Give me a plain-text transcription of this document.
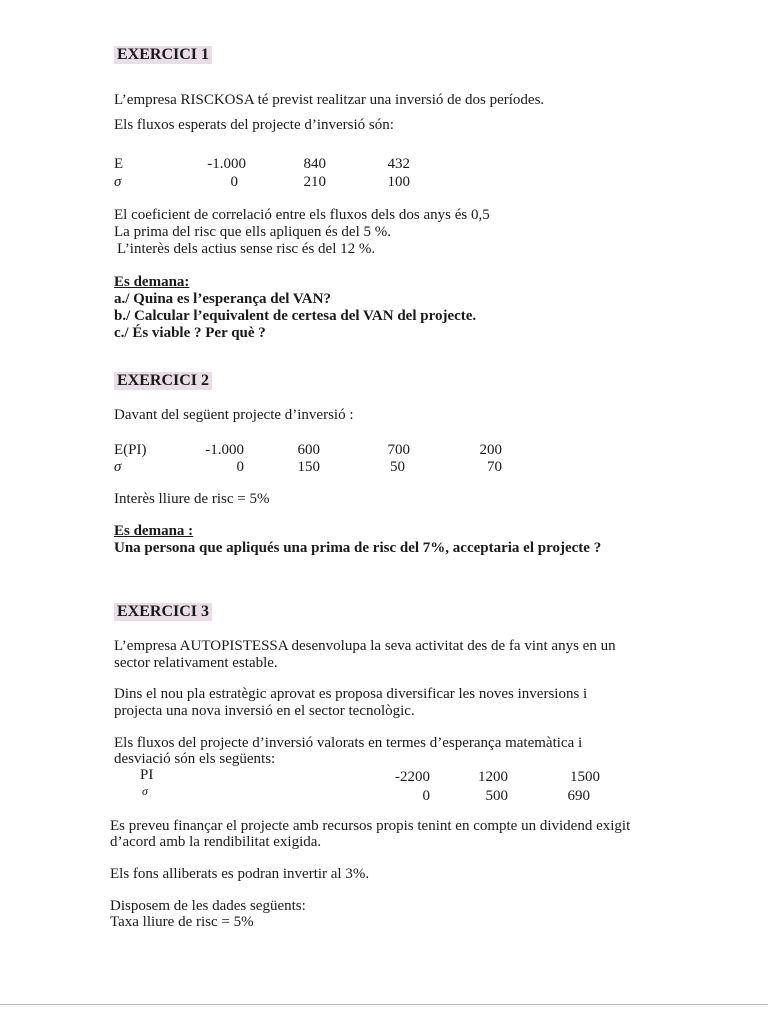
EXERCICI 1
L’empresa RISCKOSA té previst realitzar una inversió de dos períodes.
Els fluxos esperats del projecte d’inversió són:
E	-1.000	840	432
σ	0	210	100
El coeficient de correlació entre els fluxos dels dos anys és 0,5
La prima del risc que ells apliquen és del 5 %.
L’interès dels actius sense risc és del 12 %.
Es demana:
a./ Quina es l’esperança del VAN?
b./ Calcular l’equivalent de certesa del VAN del projecte.
c./ És viable ? Per què ?
EXERCICI 2
Davant del següent projecte d’inversió :
E(PI)	-1.000	600	700	200
σ	0	150	50	70
Interès lliure de risc = 5%
Es demana :
Una persona que apliqués una prima de risc del 7%, acceptaria el projecte ?
EXERCICI 3
L’empresa AUTOPISTESSA desenvolupa la seva activitat des de fa vint anys en un
sector relativament estable.
Dins el nou pla estratègic aprovat es proposa diversificar les noves inversions i
projecta una nova inversió en el sector tecnològic.
Els fluxos del projecte d’inversió valorats en termes d’esperança matemàtica i
desviació són els següents:
PI	-2200	1200	1500
σ	0	500	690
Es preveu finançar el projecte amb recursos propis tenint en compte un dividend exigit
d’acord amb la rendibilitat exigida.
Els fons alliberats es podran invertir al 3%.
Disposem de les dades següents:
Taxa lliure de risc = 5%
